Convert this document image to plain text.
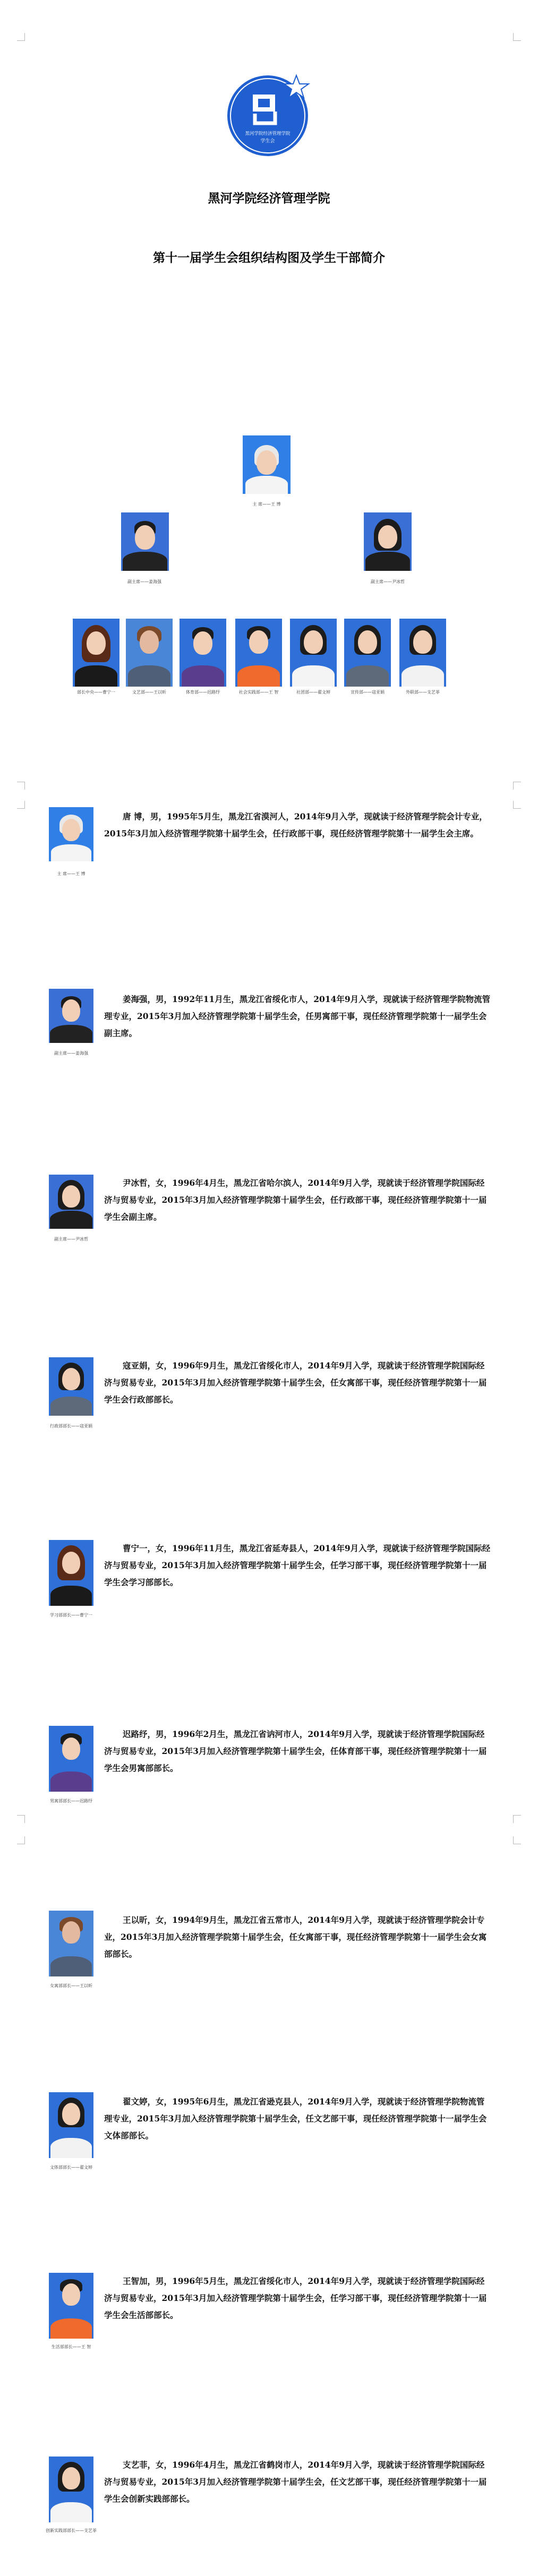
黑河学院经济管理学院
学生会
黑河学院经济管理学院
第十一届学生会组织结构图及学生干部简介
主 席——王 博
副主席——姜海强	副主席——尹冰哲
部长中央——曹宁一	文艺部——王以昕	体育部——迟路纾	社会实践部——王 智	社团部——翟文婷	宣传部——寇亚娟	外联部——支艺菲
主 席——王 博
唐 博，男，1995年5月生，黑龙江省漠河人，2014年9月入学，现就读于经济管理学院会计专业，2015年3月加入经济管理学院第十届学生会，任行政部干事，现任经济管理学院第十一届学生会主席。
副主席——姜海强
姜海强，男，1992年11月生，黑龙江省绥化市人，2014年9月入学，现就读于经济管理学院物流管理专业，2015年3月加入经济管理学院第十届学生会，任男寓部干事，现任经济管理学院第十一届学生会副主席。
副主席——尹冰哲
尹冰哲，女，1996年4月生，黑龙江省哈尔滨人，2014年9月入学，现就读于经济管理学院国际经济与贸易专业，2015年3月加入经济管理学院第十届学生会，任行政部干事，现任经济管理学院第十一届学生会副主席。
行政部部长——寇亚娟
寇亚娟，女，1996年9月生，黑龙江省绥化市人，2014年9月入学，现就读于经济管理学院国际经济与贸易专业，2015年3月加入经济管理学院第十届学生会，任女寓部干事，现任经济管理学院第十一届学生会行政部部长。
学习部部长——曹宁一
曹宁一，女，1996年11月生，黑龙江省延寿县人，2014年9月入学，现就读于经济管理学院国际经济与贸易专业，2015年3月加入经济管理学院第十届学生会，任学习部干事，现任经济管理学院第十一届学生会学习部部长。
男寓部部长——迟路纾
迟路纾，男，1996年2月生，黑龙江省讷河市人，2014年9月入学，现就读于经济管理学院国际经济与贸易专业，2015年3月加入经济管理学院第十届学生会，任体育部干事，现任经济管理学院第十一届学生会男寓部部长。
女寓部部长——王以昕
王以昕，女，1994年9月生，黑龙江省五常市人，2014年9月入学，现就读于经济管理学院会计专业，2015年3月加入经济管理学院第十届学生会，任女寓部干事，现任经济管理学院第十一届学生会女寓部部长。
文体部部长——翟文婷
翟文婷，女，1995年6月生，黑龙江省逊克县人，2014年9月入学，现就读于经济管理学院物流管理专业，2015年3月加入经济管理学院第十届学生会，任文艺部干事，现任经济管理学院第十一届学生会文体部部长。
生活部部长——王 智
王智加，男，1996年5月生，黑龙江省绥化市人，2014年9月入学，现就读于经济管理学院国际经济与贸易专业，2015年3月加入经济管理学院第十届学生会，任学习部干事，现任经济管理学院第十一届学生会生活部部长。
创新实践部部长——支艺菲
支艺菲，女，1996年4月生，黑龙江省鹤岗市人，2014年9月入学，现就读于经济管理学院国际经济与贸易专业，2015年3月加入经济管理学院第十届学生会，任文艺部干事，现任经济管理学院第十一届学生会创新实践部部长。
